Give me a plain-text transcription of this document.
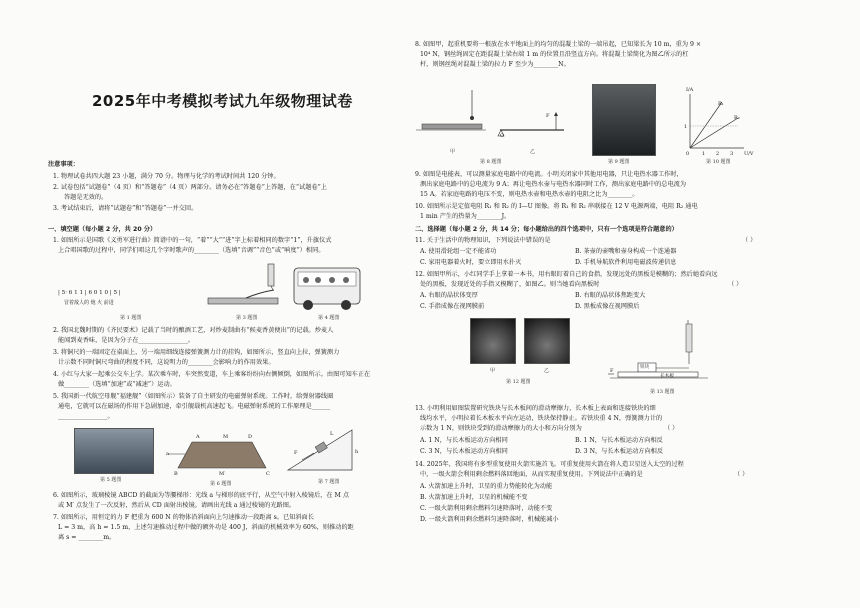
2025年中考模拟考试九年级物理试卷
注意事项：
1. 物理试卷共四大题 23 小题，满分 70 分。物理与化学的考试时间共 120 分钟。
2. 试卷包括“试题卷”（4 页）和“答题卷”（4 页）两部分。请务必在“答题卷”上答题，在“试题卷”上
答题是无效的。
3. 考试结束后，请将“试题卷”和“答题卷”一并交回。
一、填空题（每小题 2 分，共 20 分）
1. 如图所示是国歌《义勇军进行曲》简谱中的一句，“着”“大”“进”字上标着相同的数字“1”，升旗仪式
上合唱国歌的过程中，同学们唱这几个字时歌声的________（选填“音调”“音色”或“响度”）相同。
| 5· 6 1 1 | 6 0 1 0 | 5 |
冒着敌人的 炮 火 前进
第 1 题图	第 3 题图	第 4 题图
2. 我国北魏时期的《齐民要术》记载了当时的酿酒工艺，对炒麦制曲有“候麦香黄便出”的记载。炒麦人
能闻到麦香味，是因为分子在________________。
3. 将铜尺的一端固定在桌面上，另一端用细线连接弹簧测力计的挂钩，如图所示，竖直向上拉，弹簧测力
计示数不同时铜尺弯曲的程度不同，这说明力的________会影响力的作用效果。
4. 小红与大家一起乘公交车上学。某次乘车时，车突然变道，车上乘客纷纷向右侧倾倒，如图所示。由图可知车正在
做________（选填“加速”或“减速”）运动。
5. 我国新一代航空母舰“福建舰”（如图所示）装备了自主研发的电磁弹射系统。工作时，给弹射器线圈
通电，它就可以在磁场的作用下急剧加速，牵引舰载机高速起飞。电磁弹射系统的工作原理是______
________________。
第 5 题图
A	M	D
B	M′	C
a
第 6 题图
F	h
L
第 7 题图
6. 如图所示，玻璃棱镜 ABCD 的截面为等腰梯形：光线 a 与梯形的底平行，从空气中射入棱镜后，在 M 点
或 M′ 点发生了一次反射，然后从 CD 面射出棱镜。请画出光线 a 通过棱镜的光路图。
7. 如图所示，用恒定的力 F 把重为 600 N 的物体沿斜面向上匀速推动一段距离 s。已知斜面长
L = 3 m，高 h = 1.5 m，上述匀速推动过程中做的额外功是 400 J，斜面的机械效率为 60%，则推动的距
离 s = ________m。
8. 如图甲，起重机要将一根放在水平地面上的均匀的混凝土梁的一端吊起，已知梁长为 10 m，重为 9 ×
10⁴ N，钢丝绳固定在距混凝土梁右端 1 m 的位置且沿竖直方向。将混凝土梁简化为图乙所示的杠
杆，则钢丝绳对混凝土梁的拉力 F 至少为________N。
甲
F
O
乙
第 8 题图	第 9 题图
I/A
U/V
R₁
R₂
1
0	1 2 3
第 10 题图
9. 如图是电能表，可以测量家庭电路中的电流。小明关闭家中其他用电器，只让电热水器工作时，
测出家庭电路中的总电流为 9 A；再让电热水壶与电热水器同时工作，测出家庭电路中的总电流为
15 A。若家庭电路的电压不变，则电热水壶和电热水壶的电阻之比为________。
10. 如图所示是定值电阻 R₁ 和 R₂ 的 I—U 图像。将 R₁ 和 R₂ 串联接在 12 V 电源两端，电阻 R₂ 通电
1 min 产生的热量为________J。
二、选择题（每小题 2 分，共 14 分；每小题给出的四个选项中，只有一个选项是符合题意的）
11. 关于生活中的物理知识，下列说法中错误的是	（ ）
A. 使用滑轮组一定不能省功	B. 茶壶的壶嘴和壶身构成一个连通器
C. 家用电器着火时，要立即用水扑灭	D. 手机导航软件利用电磁波传递信息
12. 如图甲所示，小红同学手上拿着一本书，用右眼盯着自己的食指，发现远处的黑板是模糊的；然后她看向远
处的黑板，发现近处的手指又模糊了，如图乙。则当她看向黑板时	（ ）
A. 右眼的晶状体变厚	B. 右眼的晶状体焦距变大
C. 手指成像在视网膜前	D. 黑板成像在视网膜后
甲	乙
第 12 题图
铁块
长木板
F
第 13 题图
13. 小明利用如图装置研究铁块与长木板间的滑动摩擦力，长木板上表面和连接铁块的细
线均水平，小明拉着长木板水平向左运动，铁块保持静止。若铁块重 4 N，弹簧测力计的
示数为 1 N，则铁块受到的滑动摩擦力的大小和方向分别为	（ ）
A. 1 N，与长木板运动方向相同	B. 1 N，与长木板运动方向相反
C. 3 N，与长木板运动方向相同	D. 3 N，与长木板运动方向相反
14. 2025年，我国将有多型重复使用火箭实施首飞。可重复使用火箭在将人造卫星送入太空的过程
中，一级火箭会利用剩余燃料落回地面，从而实现重复使用。下列说法中正确的是	（ ）
A. 火箭加速上升时，卫星的重力势能转化为动能
B. 火箭加速上升时，卫星的机械能不变
C. 一级火箭利用剩余燃料匀速降落时，动能不变
D. 一级火箭利用剩余燃料匀速降落时，机械能减小
